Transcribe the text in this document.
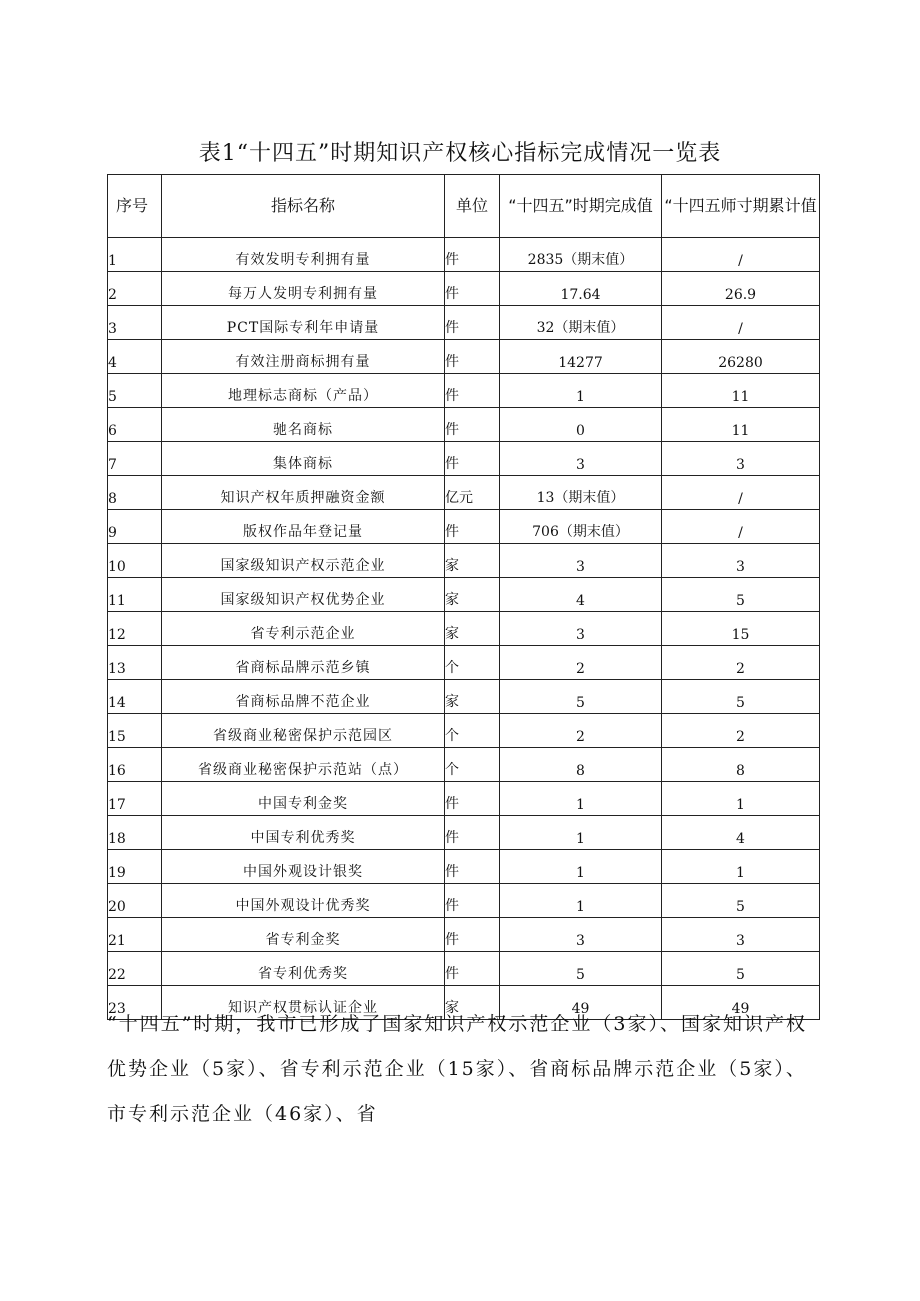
表1“十四五”时期知识产权核心指标完成情况一览表
序号	指标名称	单位	“十四五”时期完成值	“十四五师寸期累计值
1	有效发明专利拥有量	件	2835（期末值）	/
2	每万人发明专利拥有量	件	17.64	26.9
3	PCT国际专利年申请量	件	32（期末值）	/
4	有效注册商标拥有量	件	14277	26280
5	地理标志商标（产品）	件	1	11
6	驰名商标	件	0	11
7	集体商标	件	3	3
8	知识产权年质押融资金额	亿元	13（期末值）	/
9	版权作品年登记量	件	706（期末值）	/
10	国家级知识产权示范企业	家	3	3
11	国家级知识产权优势企业	家	4	5
12	省专利示范企业	家	3	15
13	省商标品牌示范乡镇	个	2	2
14	省商标品牌不范企业	家	5	5
15	省级商业秘密保护示范园区	个	2	2
16	省级商业秘密保护示范站（点）	个	8	8
17	中国专利金奖	件	1	1
18	中国专利优秀奖	件	1	4
19	中国外观设计银奖	件	1	1
20	中国外观设计优秀奖	件	1	5
21	省专利金奖	件	3	3
22	省专利优秀奖	件	5	5
23	知识产权贯标认证企业	家	49	49

“十四五”时期，我市已形成了国家知识产权示范企业（3家）、国家知识产权优势企业（5家）、省专利示范企业（15家）、省商标品牌示范企业（5家）、市专利示范企业（46家）、省
